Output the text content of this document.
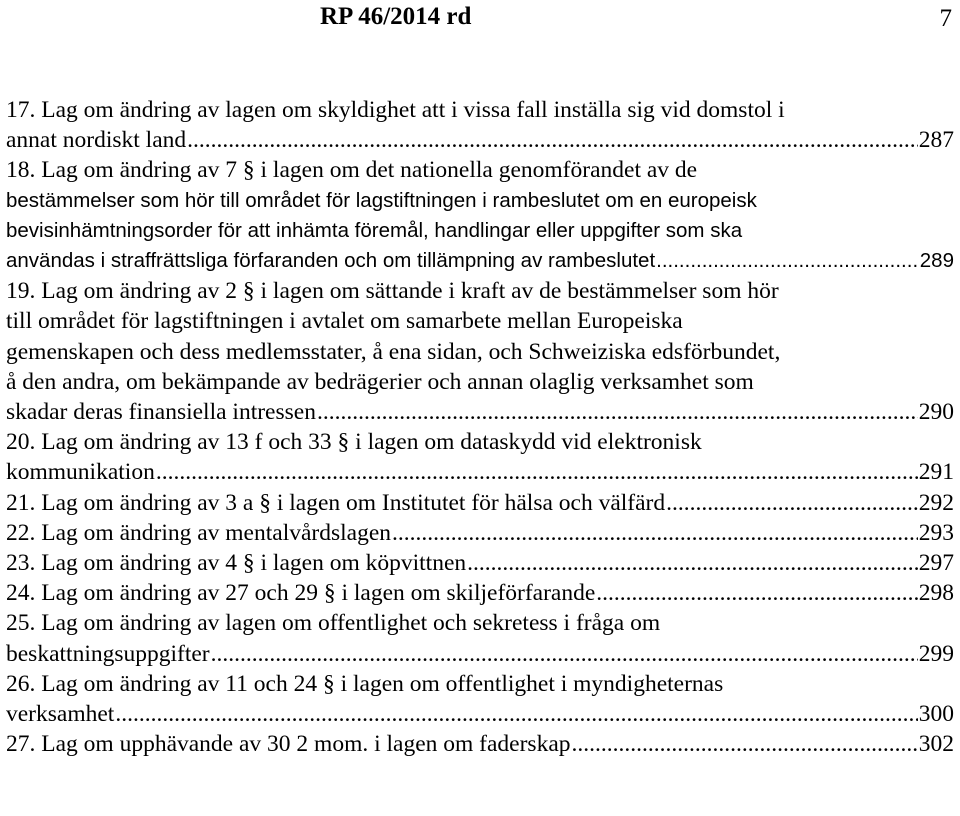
RP 46/2014 rd	7
17. Lag om ändring av lagen om skyldighet att i vissa fall inställa sig vid domstol i
annat nordiskt land .....	287
18. Lag om ändring av 7 § i lagen om det nationella genomförandet av de
bestämmelser som hör till området för lagstiftningen i rambeslutet om en europeisk
bevisinhämtningsorder för att inhämta föremål, handlingar eller uppgifter som ska
användas i straffrättsliga förfaranden och om tillämpning av rambeslutet .....	289
19. Lag om ändring av 2 § i lagen om sättande i kraft av de bestämmelser som hör
till området för lagstiftningen i avtalet om samarbete mellan Europeiska
gemenskapen och dess medlemsstater, å ena sidan, och Schweiziska edsförbundet,
å den andra, om bekämpande av bedrägerier och annan olaglig verksamhet som
skadar deras finansiella intressen .....	290
20. Lag om ändring av 13 f och 33 § i lagen om dataskydd vid elektronisk
kommunikation .....	291
21. Lag om ändring av 3 a § i lagen om Institutet för hälsa och välfärd .....	292
22. Lag om ändring av mentalvårdslagen .....	293
23. Lag om ändring av 4 § i lagen om köpvittnen .....	297
24. Lag om ändring av 27 och 29 § i lagen om skiljeförfarande .....	298
25. Lag om ändring av lagen om offentlighet och sekretess i fråga om
beskattningsuppgifter .....	299
26. Lag om ändring av 11 och 24 § i lagen om offentlighet i myndigheternas
verksamhet .....	300
27. Lag om upphävande av 30 2 mom. i lagen om faderskap .....	302
